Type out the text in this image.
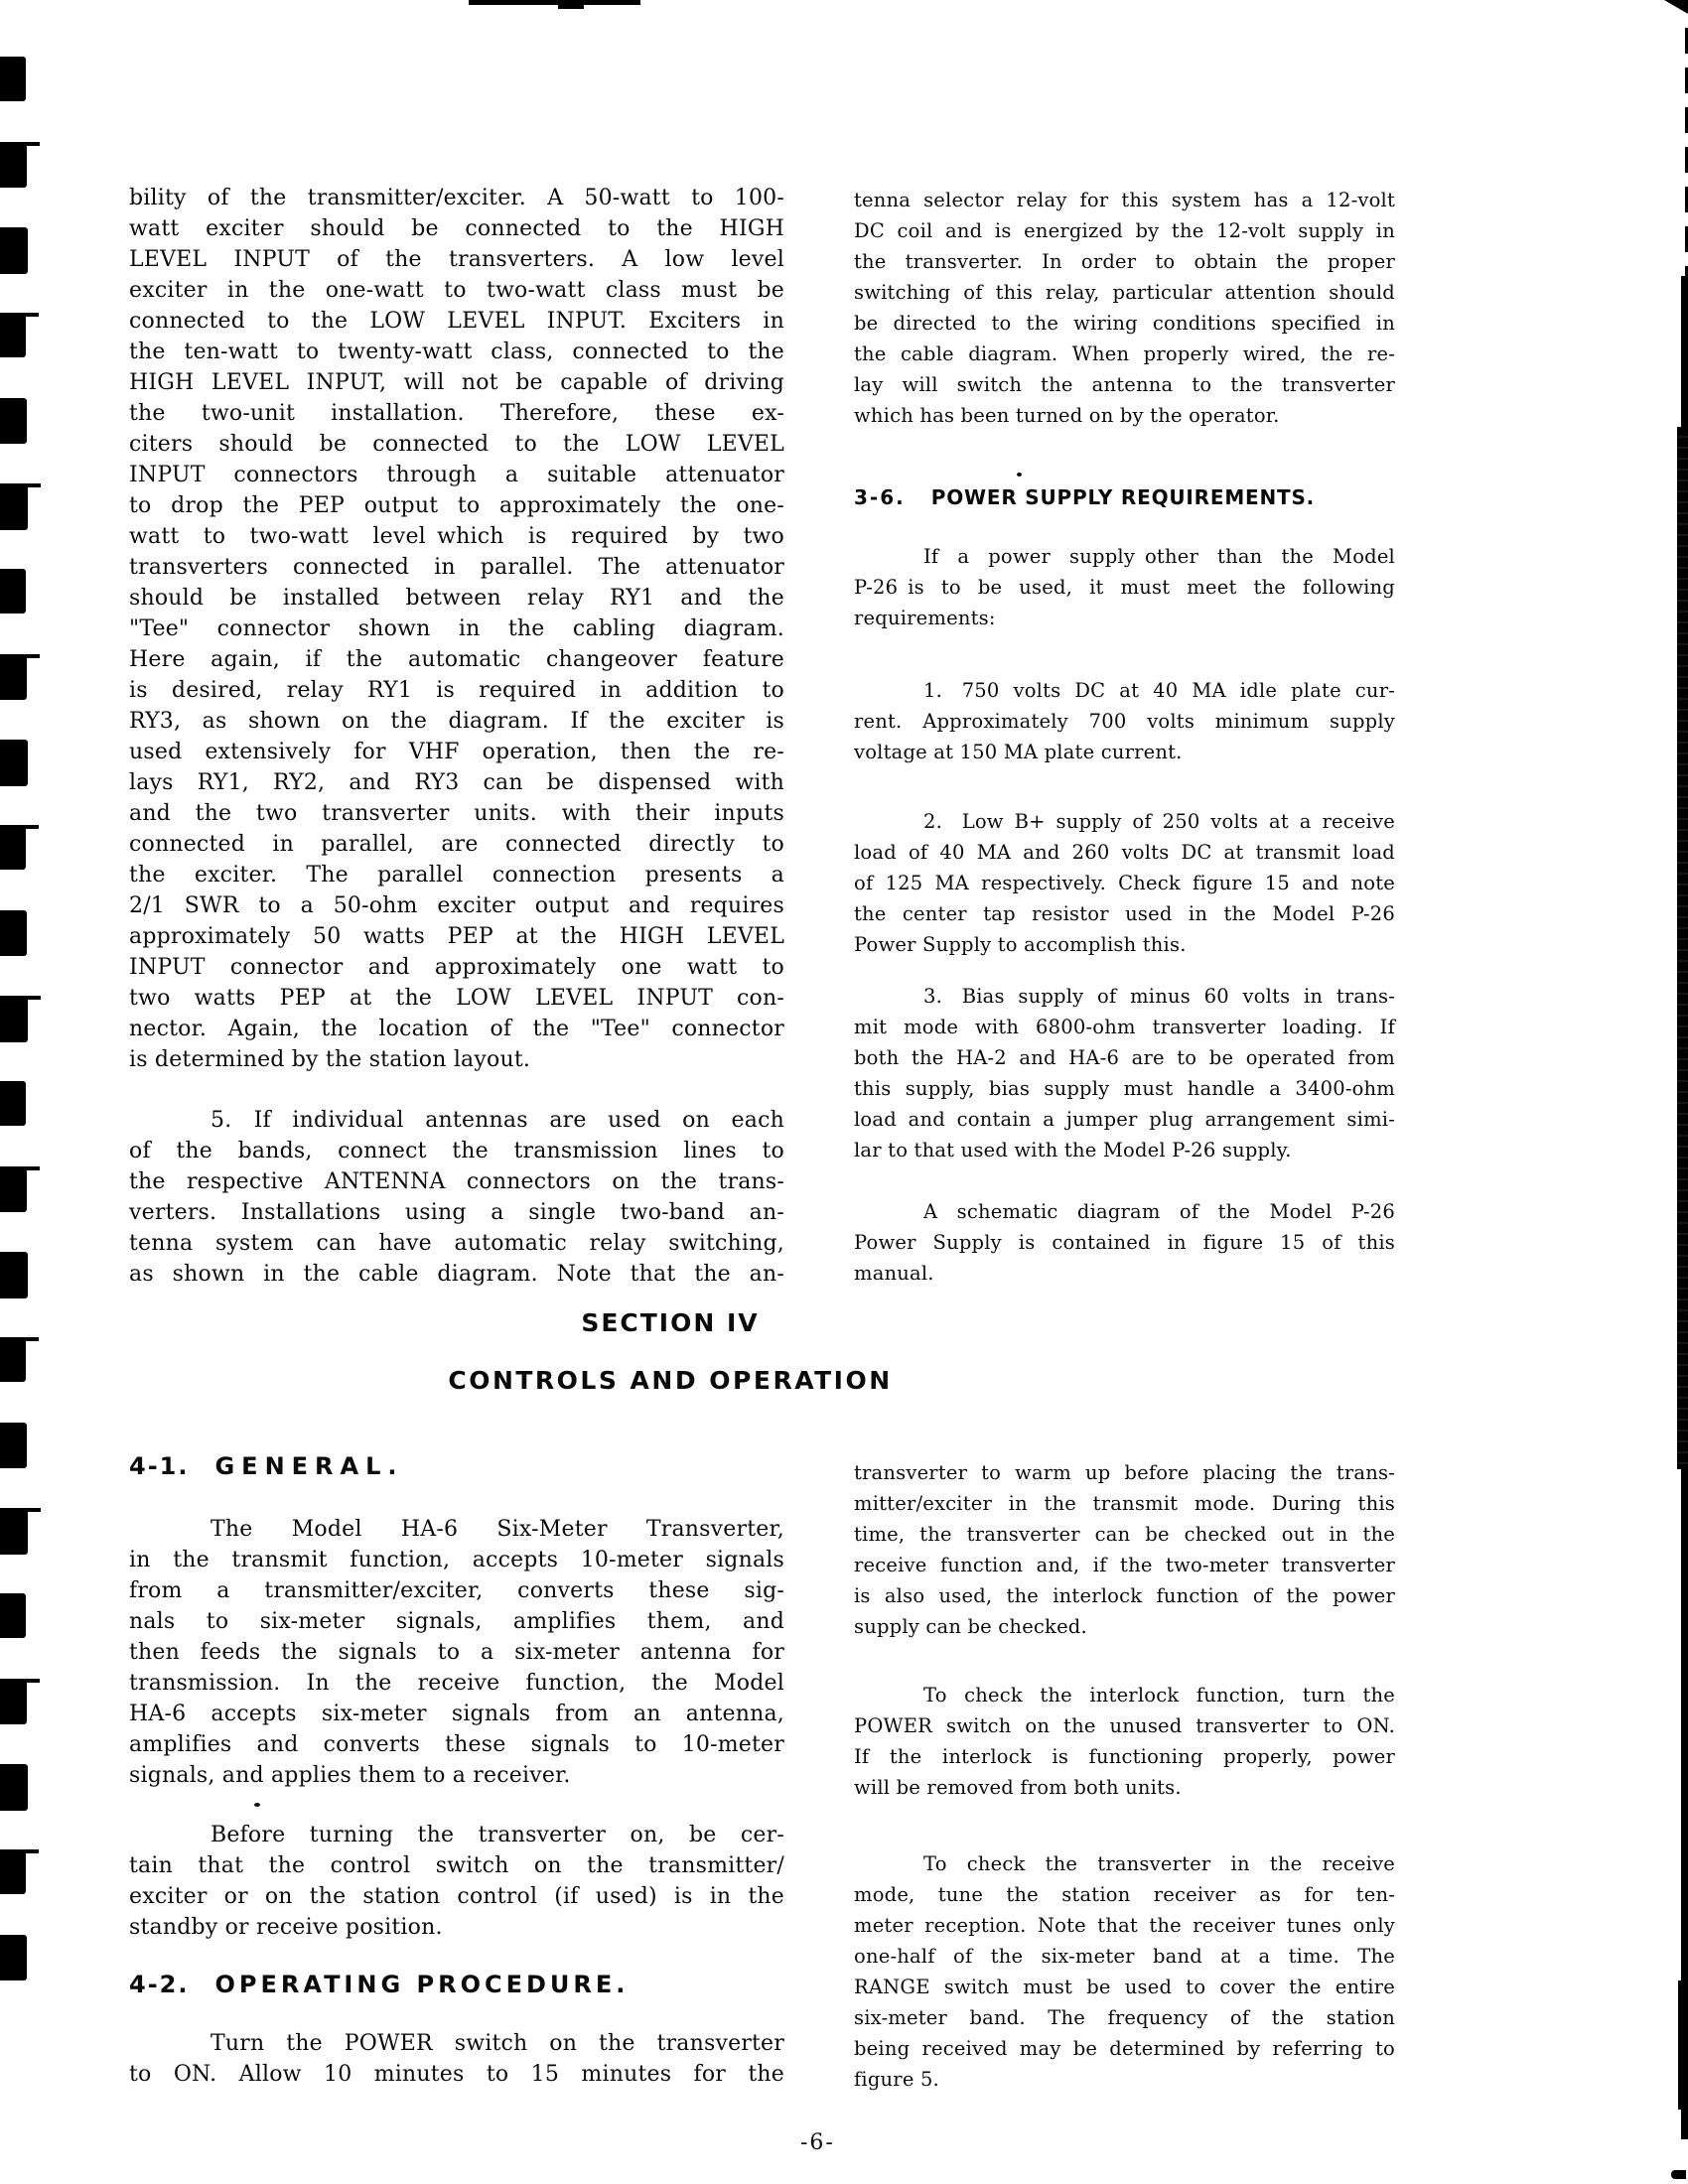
bility of the transmitter/exciter. A 50-watt to 100-
watt exciter should be connected to the HIGH
LEVEL INPUT of the transverters. A low level
exciter in the one-watt to two-watt class must be
connected to the LOW LEVEL INPUT. Exciters in
the ten-watt to twenty-watt class, connected to the
HIGH LEVEL INPUT, will not be capable of driving
the two-unit installation. Therefore, these ex-
citers should be connected to the LOW LEVEL
INPUT connectors through a suitable attenuator
to drop the PEP output to approximately the one-
watt to two-watt level which is required by two
transverters connected in parallel. The attenuator
should be installed between relay RY1 and the
"Tee" connector shown in the cabling diagram.
Here again, if the automatic changeover feature
is desired, relay RY1 is required in addition to
RY3, as shown on the diagram. If the exciter is
used extensively for VHF operation, then the re-
lays RY1, RY2, and RY3 can be dispensed with
and the two transverter units. with their inputs
connected in parallel, are connected directly to
the exciter. The parallel connection presents a
2/1 SWR to a 50-ohm exciter output and requires
approximately 50 watts PEP at the HIGH LEVEL
INPUT connector and approximately one watt to
two watts PEP at the LOW LEVEL INPUT con-
nector. Again, the location of the "Tee" connector
is determined by the station layout.
5. If individual antennas are used on each
of the bands, connect the transmission lines to
the respective ANTENNA connectors on the trans-
verters. Installations using a single two-band an-
tenna system can have automatic relay switching,
as shown in the cable diagram. Note that the an-
tenna selector relay for this system has a 12-volt
DC coil and is energized by the 12-volt supply in
the transverter. In order to obtain the proper
switching of this relay, particular attention should
be directed to the wiring conditions specified in
the cable diagram. When properly wired, the re-
lay will switch the antenna to the transverter
which has been turned on by the operator.
3-6. POWER SUPPLY REQUIREMENTS.
If a power supply other than the Model
P-26 is to be used, it must meet the following
requirements:
1. 750 volts DC at 40 MA idle plate cur-
rent. Approximately 700 volts minimum supply
voltage at 150 MA plate current.
2. Low B+ supply of 250 volts at a receive
load of 40 MA and 260 volts DC at transmit load
of 125 MA respectively. Check figure 15 and note
the center tap resistor used in the Model P-26
Power Supply to accomplish this.
3. Bias supply of minus 60 volts in trans-
mit mode with 6800-ohm transverter loading. If
both the HA-2 and HA-6 are to be operated from
this supply, bias supply must handle a 3400-ohm
load and contain a jumper plug arrangement simi-
lar to that used with the Model P-26 supply.
A schematic diagram of the Model P-26
Power Supply is contained in figure 15 of this
manual.
SECTION IV
CONTROLS AND OPERATION
4-1. GENERAL.
The Model HA-6 Six-Meter Transverter,
in the transmit function, accepts 10-meter signals
from a transmitter/exciter, converts these sig-
nals to six-meter signals, amplifies them, and
then feeds the signals to a six-meter antenna for
transmission. In the receive function, the Model
HA-6 accepts six-meter signals from an antenna,
amplifies and converts these signals to 10-meter
signals, and applies them to a receiver.
Before turning the transverter on, be cer-
tain that the control switch on the transmitter/
exciter or on the station control (if used) is in the
standby or receive position.
4-2. OPERATING PROCEDURE.
Turn the POWER switch on the transverter
to ON. Allow 10 minutes to 15 minutes for the
transverter to warm up before placing the trans-
mitter/exciter in the transmit mode. During this
time, the transverter can be checked out in the
receive function and, if the two-meter transverter
is also used, the interlock function of the power
supply can be checked.
To check the interlock function, turn the
POWER switch on the unused transverter to ON.
If the interlock is functioning properly, power
will be removed from both units.
To check the transverter in the receive
mode, tune the station receiver as for ten-
meter reception. Note that the receiver tunes only
one-half of the six-meter band at a time. The
RANGE switch must be used to cover the entire
six-meter band. The frequency of the station
being received may be determined by referring to
figure 5.
-6-
